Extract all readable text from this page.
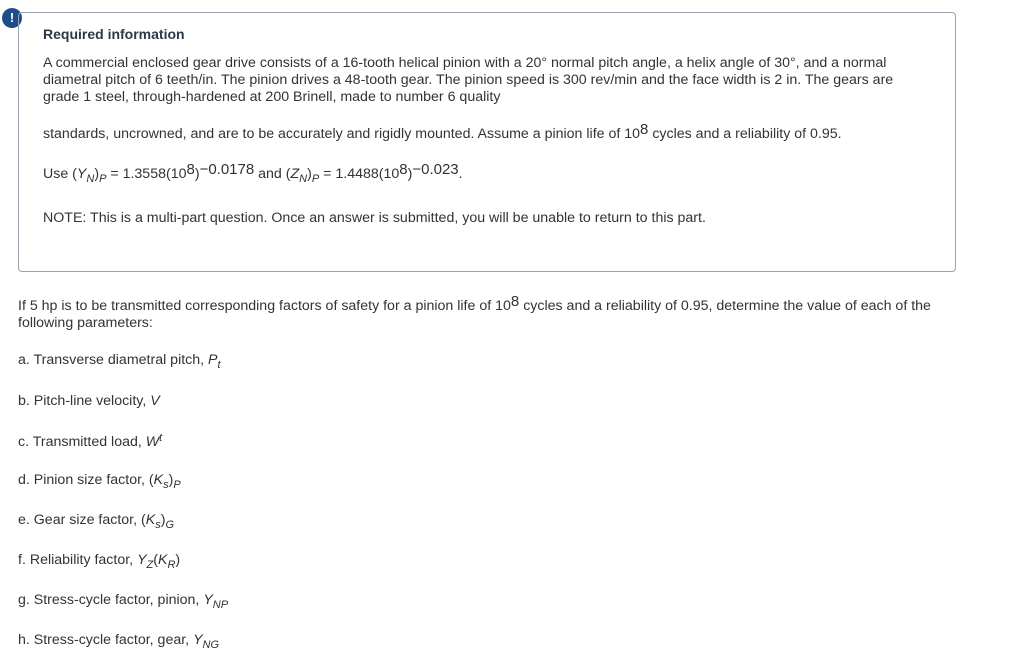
!
Required information
A commercial enclosed gear drive consists of a 16-tooth helical pinion with a 20° normal pitch angle, a helix angle of 30°, and a normal diametral pitch of 6 teeth/in. The pinion drives a 48-tooth gear. The pinion speed is 300 rev/min and the face width is 2 in. The gears are grade 1 steel, through-hardened at 200 Brinell, made to number 6 quality
standards, uncrowned, and are to be accurately and rigidly mounted. Assume a pinion life of $10^8$ cycles and a reliability of 0.95.
Use $(Y_N)_P = 1.3558(10^8)^{-0.0178}$ and $(Z_N)_P = 1.4488(10^8)^{-0.023}$.
NOTE: This is a multi-part question. Once an answer is submitted, you will be unable to return to this part.
If 5 hp is to be transmitted corresponding factors of safety for a pinion life of $10^8$ cycles and a reliability of 0.95, determine the value of each of the following parameters:
a. Transverse diametral pitch, $P_t$
b. Pitch-line velocity, V
c. Transmitted load, $W^t$
d. Pinion size factor, $(K_s)_P$
e. Gear size factor, $(K_s)_G$
f. Reliability factor, $Y_Z(K_R)$
g. Stress-cycle factor, pinion, $Y_{NP}$
h. Stress-cycle factor, gear, $Y_{NG}$
